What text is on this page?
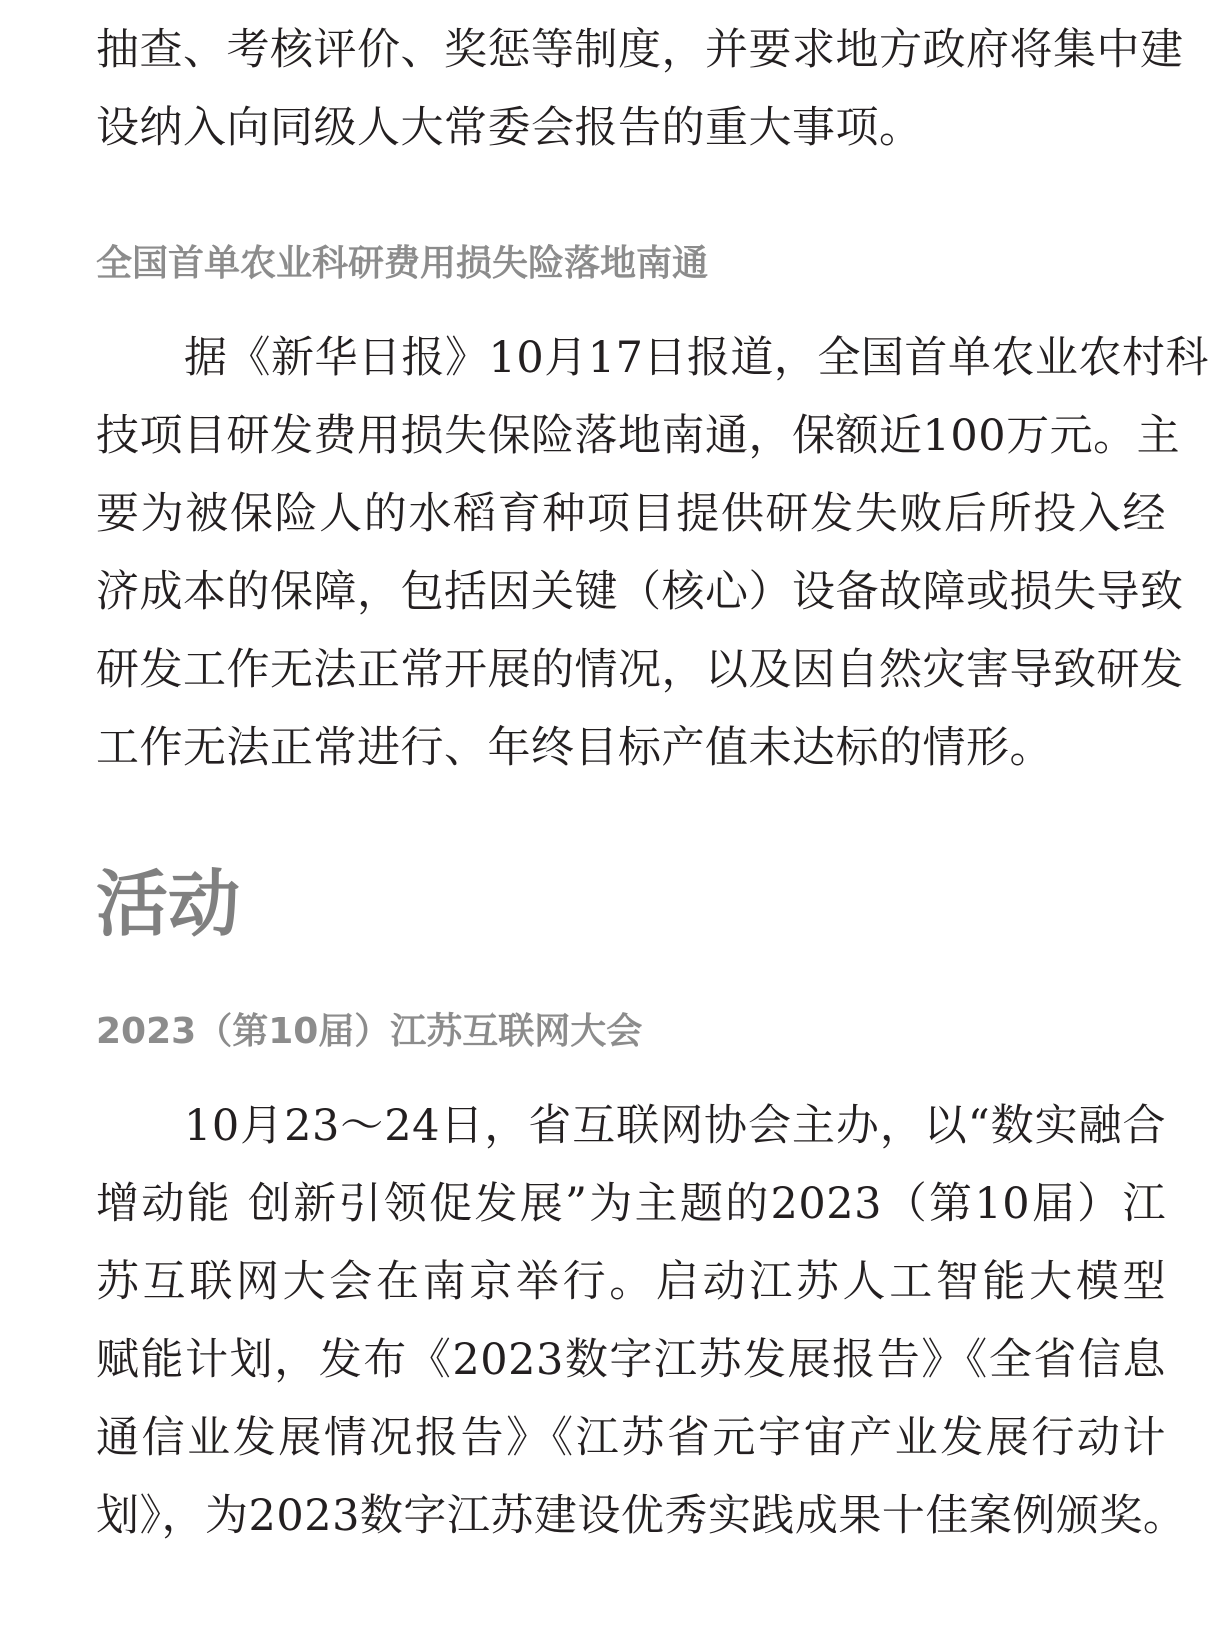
抽查、考核评价、奖惩等制度，并要求地方政府将集中建
设纳入向同级人大常委会报告的重大事项。
全国首单农业科研费用损失险落地南通
据《新华日报》10月17日报道，全国首单农业农村科
技项目研发费用损失保险落地南通，保额近100万元。主
要为被保险人的水稻育种项目提供研发失败后所投入经
济成本的保障，包括因关键（核心）设备故障或损失导致
研发工作无法正常开展的情况，以及因自然灾害导致研发
工作无法正常进行、年终目标产值未达标的情形。
活动
2023（第10届）江苏互联网大会
10月23～24日，省互联网协会主办，以“数实融合
增动能 创新引领促发展”为主题的2023（第10届）江
苏互联网大会在南京举行。启动江苏人工智能大模型
赋能计划，发布《2023数字江苏发展报告》《全省信息
通信业发展情况报告》《江苏省元宇宙产业发展行动计
划》，为2023数字江苏建设优秀实践成果十佳案例颁奖。
